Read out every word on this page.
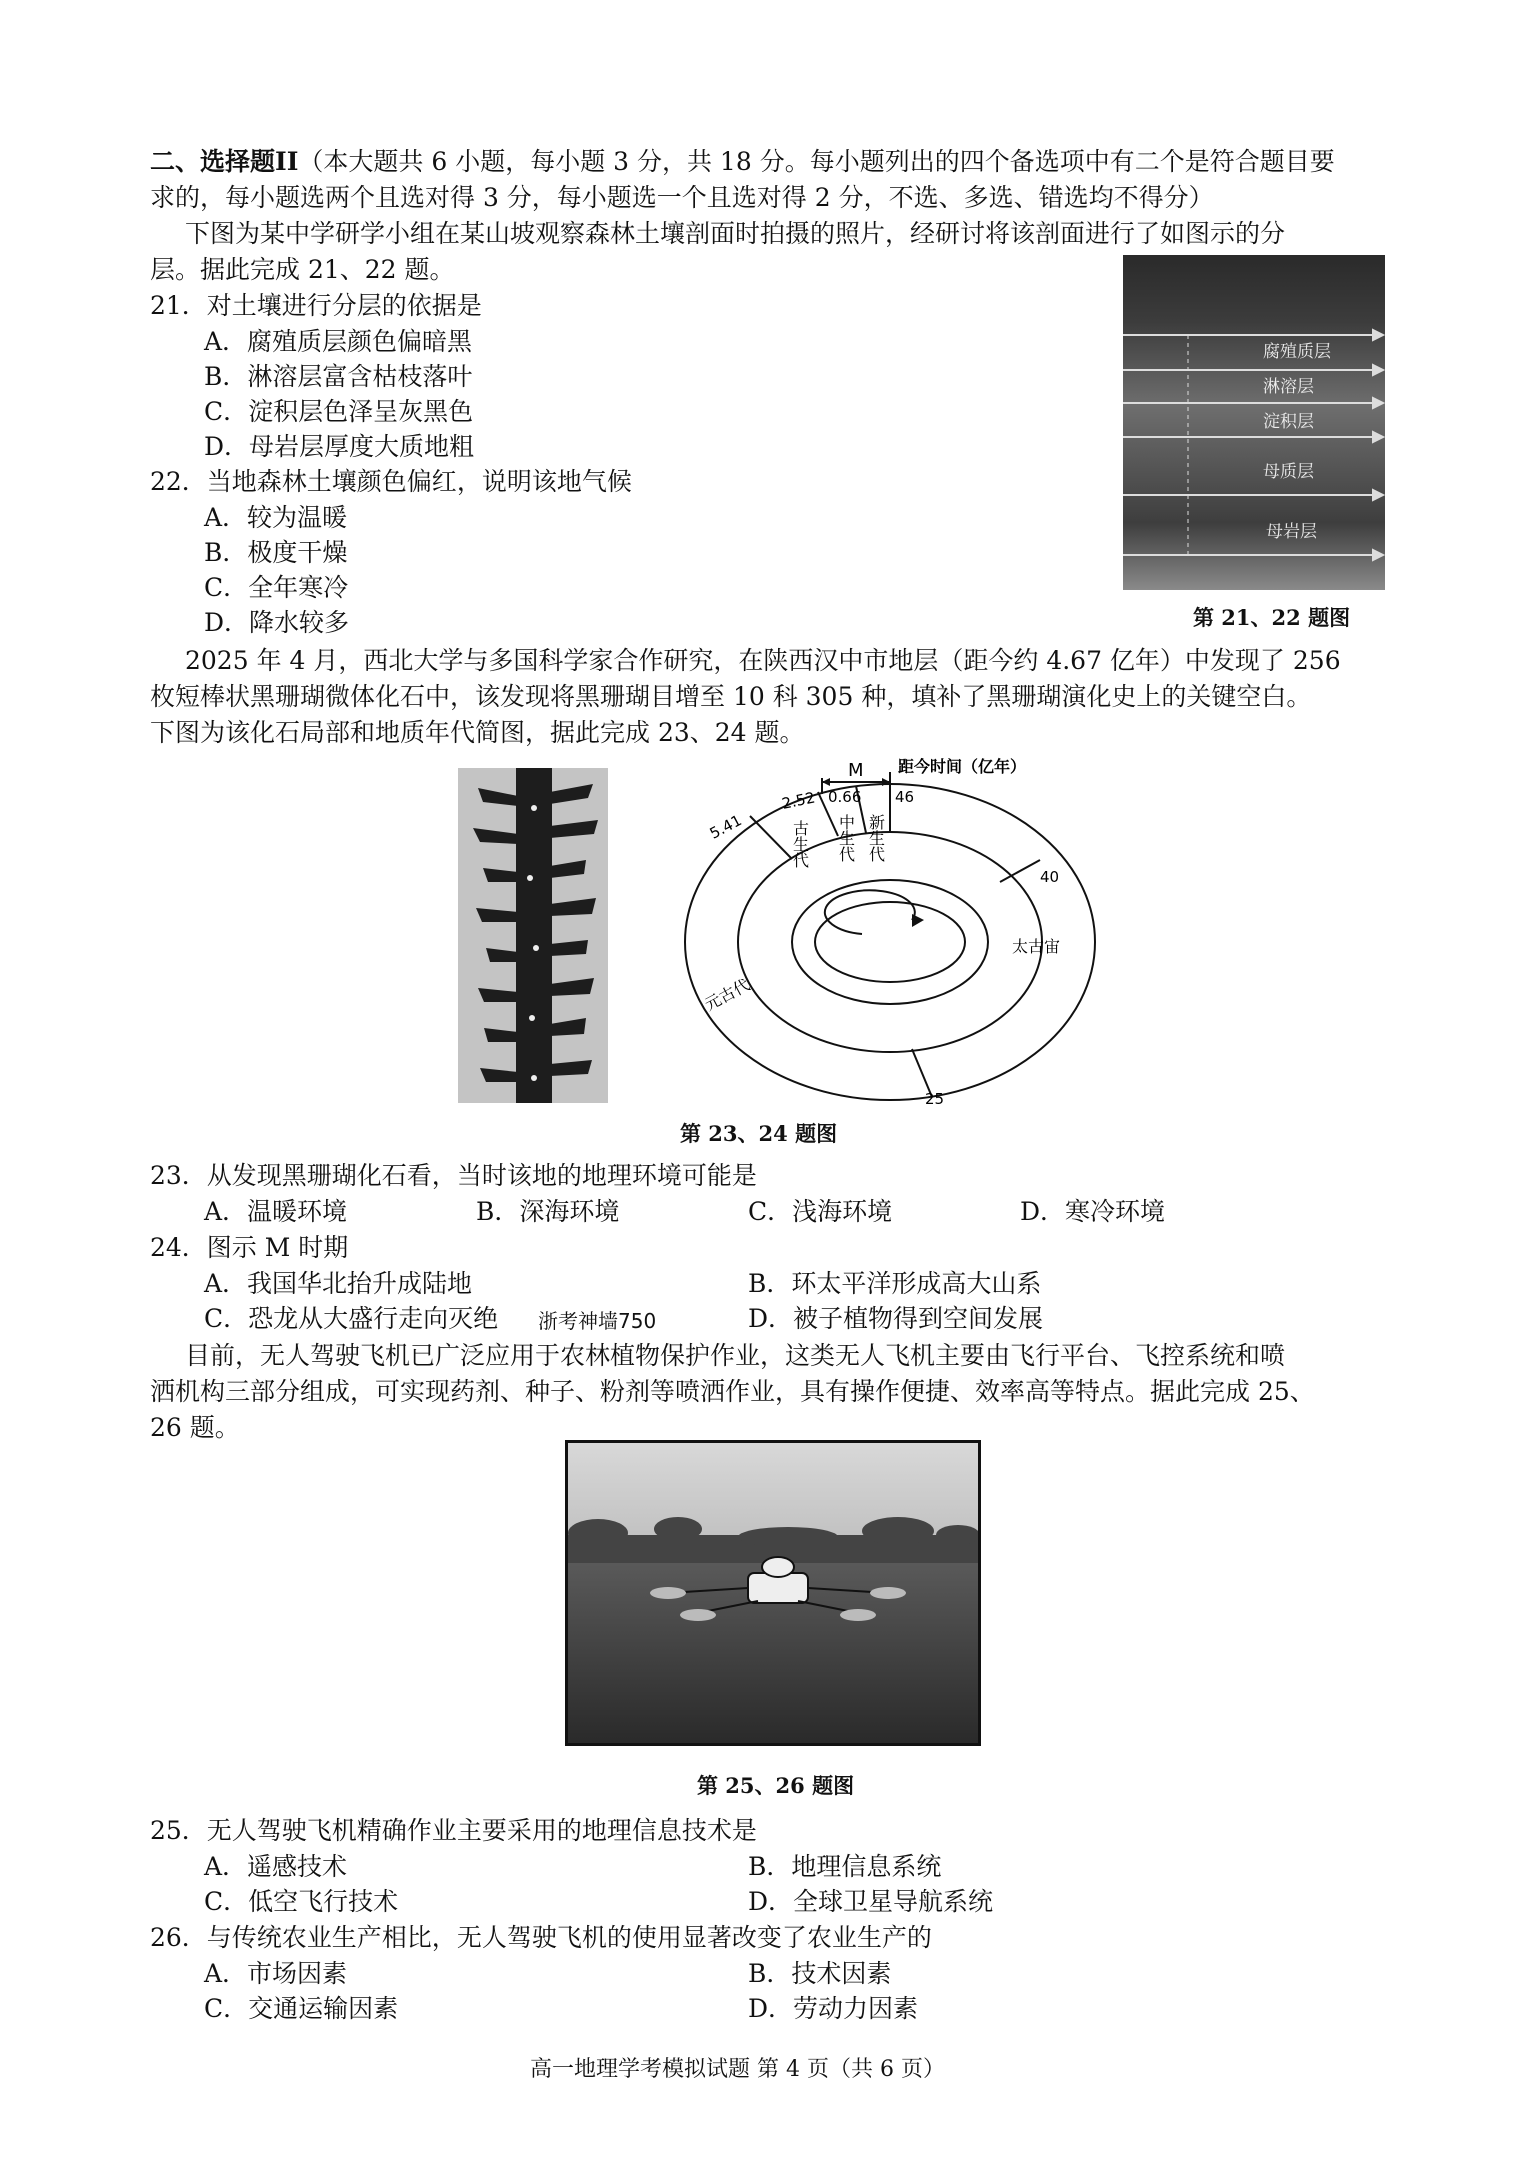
二、选择题II（本大题共 6 小题，每小题 3 分，共 18 分。每小题列出的四个备选项中有二个是符合题目要
求的，每小题选两个且选对得 3 分，每小题选一个且选对得 2 分，不选、多选、错选均不得分）
下图为某中学研学小组在某山坡观察森林土壤剖面时拍摄的照片，经研讨将该剖面进行了如图示的分
层。据此完成 21、22 题。
21．对土壤进行分层的依据是
A．腐殖质层颜色偏暗黑
B．淋溶层富含枯枝落叶
C．淀积层色泽呈灰黑色
D．母岩层厚度大质地粗
22．当地森林土壤颜色偏红，说明该地气候
A．较为温暖
B．极度干燥
C．全年寒冷
D．降水较多
腐殖质层
淋溶层
淀积层
母质层
母岩层
第 21、22 题图
2025 年 4 月，西北大学与多国科学家合作研究，在陕西汉中市地层（距今约 4.67 亿年）中发现了 256
枚短棒状黑珊瑚微体化石中，该发现将黑珊瑚目增至 10 科 305 种，填补了黑珊瑚演化史上的关键空白。
下图为该化石局部和地质年代简图，据此完成 23、24 题。
M 距今时间（亿年）
5.41
2.52 0.66 46
40
25
古生代 中生代 新生代
太古宙
元古代
第 23、24 题图
23．从发现黑珊瑚化石看，当时该地的地理环境可能是
A．温暖环境	B．深海环境	C．浅海环境	D．寒冷环境
24．图示 M 时期
A．我国华北抬升成陆地	B．环太平洋形成高大山系
C．恐龙从大盛行走向灭绝 浙考神墙750	D．被子植物得到空间发展
目前，无人驾驶飞机已广泛应用于农林植物保护作业，这类无人飞机主要由飞行平台、飞控系统和喷
洒机构三部分组成，可实现药剂、种子、粉剂等喷洒作业，具有操作便捷、效率高等特点。据此完成 25、
26 题。
第 25、26 题图
25．无人驾驶飞机精确作业主要采用的地理信息技术是
A．遥感技术	B．地理信息系统
C．低空飞行技术	D．全球卫星导航系统
26．与传统农业生产相比，无人驾驶飞机的使用显著改变了农业生产的
A．市场因素	B．技术因素
C．交通运输因素	D．劳动力因素
高一地理学考模拟试题 第 4 页（共 6 页）
